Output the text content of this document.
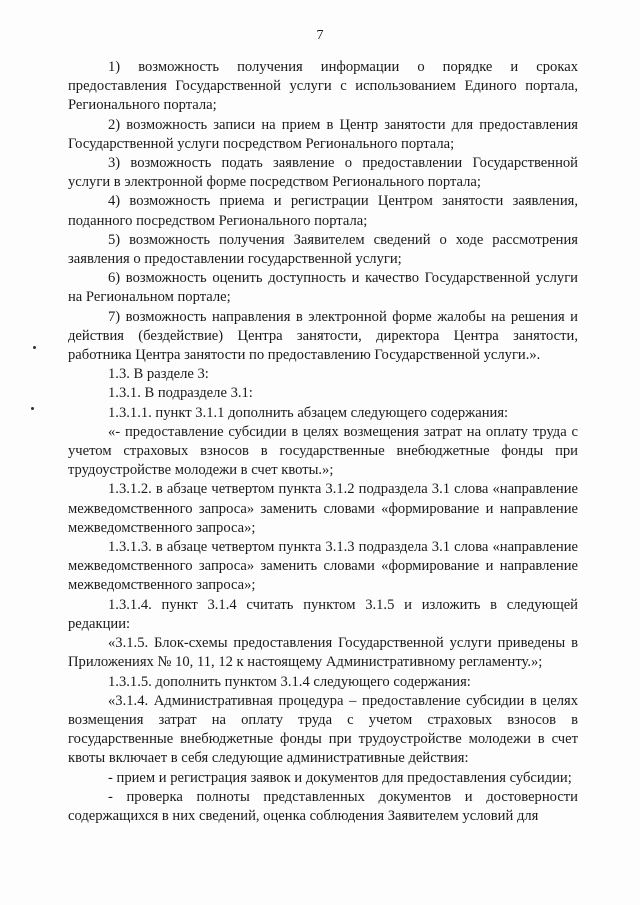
7

1) возможность получения информации о порядке и сроках предоставления Государственной услуги с использованием Единого портала, Регионального портала;

2) возможность записи на прием в Центр занятости для предоставления Государственной услуги посредством Регионального портала;

3) возможность подать заявление о предоставлении Государственной услуги в электронной форме посредством Регионального портала;

4) возможность приема и регистрации Центром занятости заявления, поданного посредством Регионального портала;

5) возможность получения Заявителем сведений о ходе рассмотрения заявления о предоставлении государственной услуги;

6) возможность оценить доступность и качество Государственной услуги на Региональном портале;

7) возможность направления в электронной форме жалобы на решения и действия (бездействие) Центра занятости, директора Центра занятости, работника Центра занятости по предоставлению Государственной услуги.».

1.3. В разделе 3:

1.3.1. В подразделе 3.1:

1.3.1.1. пункт 3.1.1 дополнить абзацем следующего содержания:

«- предоставление субсидии в целях возмещения затрат на оплату труда с учетом страховых взносов в государственные внебюджетные фонды при трудоустройстве молодежи в счет квоты.»;

1.3.1.2. в абзаце четвертом пункта 3.1.2 подраздела 3.1 слова «направление межведомственного запроса» заменить словами «формирование и направление межведомственного запроса»;

1.3.1.3. в абзаце четвертом пункта 3.1.3 подраздела 3.1 слова «направление межведомственного запроса» заменить словами «формирование и направление межведомственного запроса»;

1.3.1.4. пункт 3.1.4 считать пунктом 3.1.5 и изложить в следующей редакции:

«3.1.5. Блок-схемы предоставления Государственной услуги приведены в Приложениях № 10, 11, 12 к настоящему Административному регламенту.»;

1.3.1.5. дополнить пунктом 3.1.4 следующего содержания:

«3.1.4. Административная процедура – предоставление субсидии в целях возмещения затрат на оплату труда с учетом страховых взносов в государственные внебюджетные фонды при трудоустройстве молодежи в счет квоты включает в себя следующие административные действия:

- прием и регистрация заявок и документов для предоставления субсидии;

- проверка полноты представленных документов и достоверности содержащихся в них сведений, оценка соблюдения Заявителем условий для
